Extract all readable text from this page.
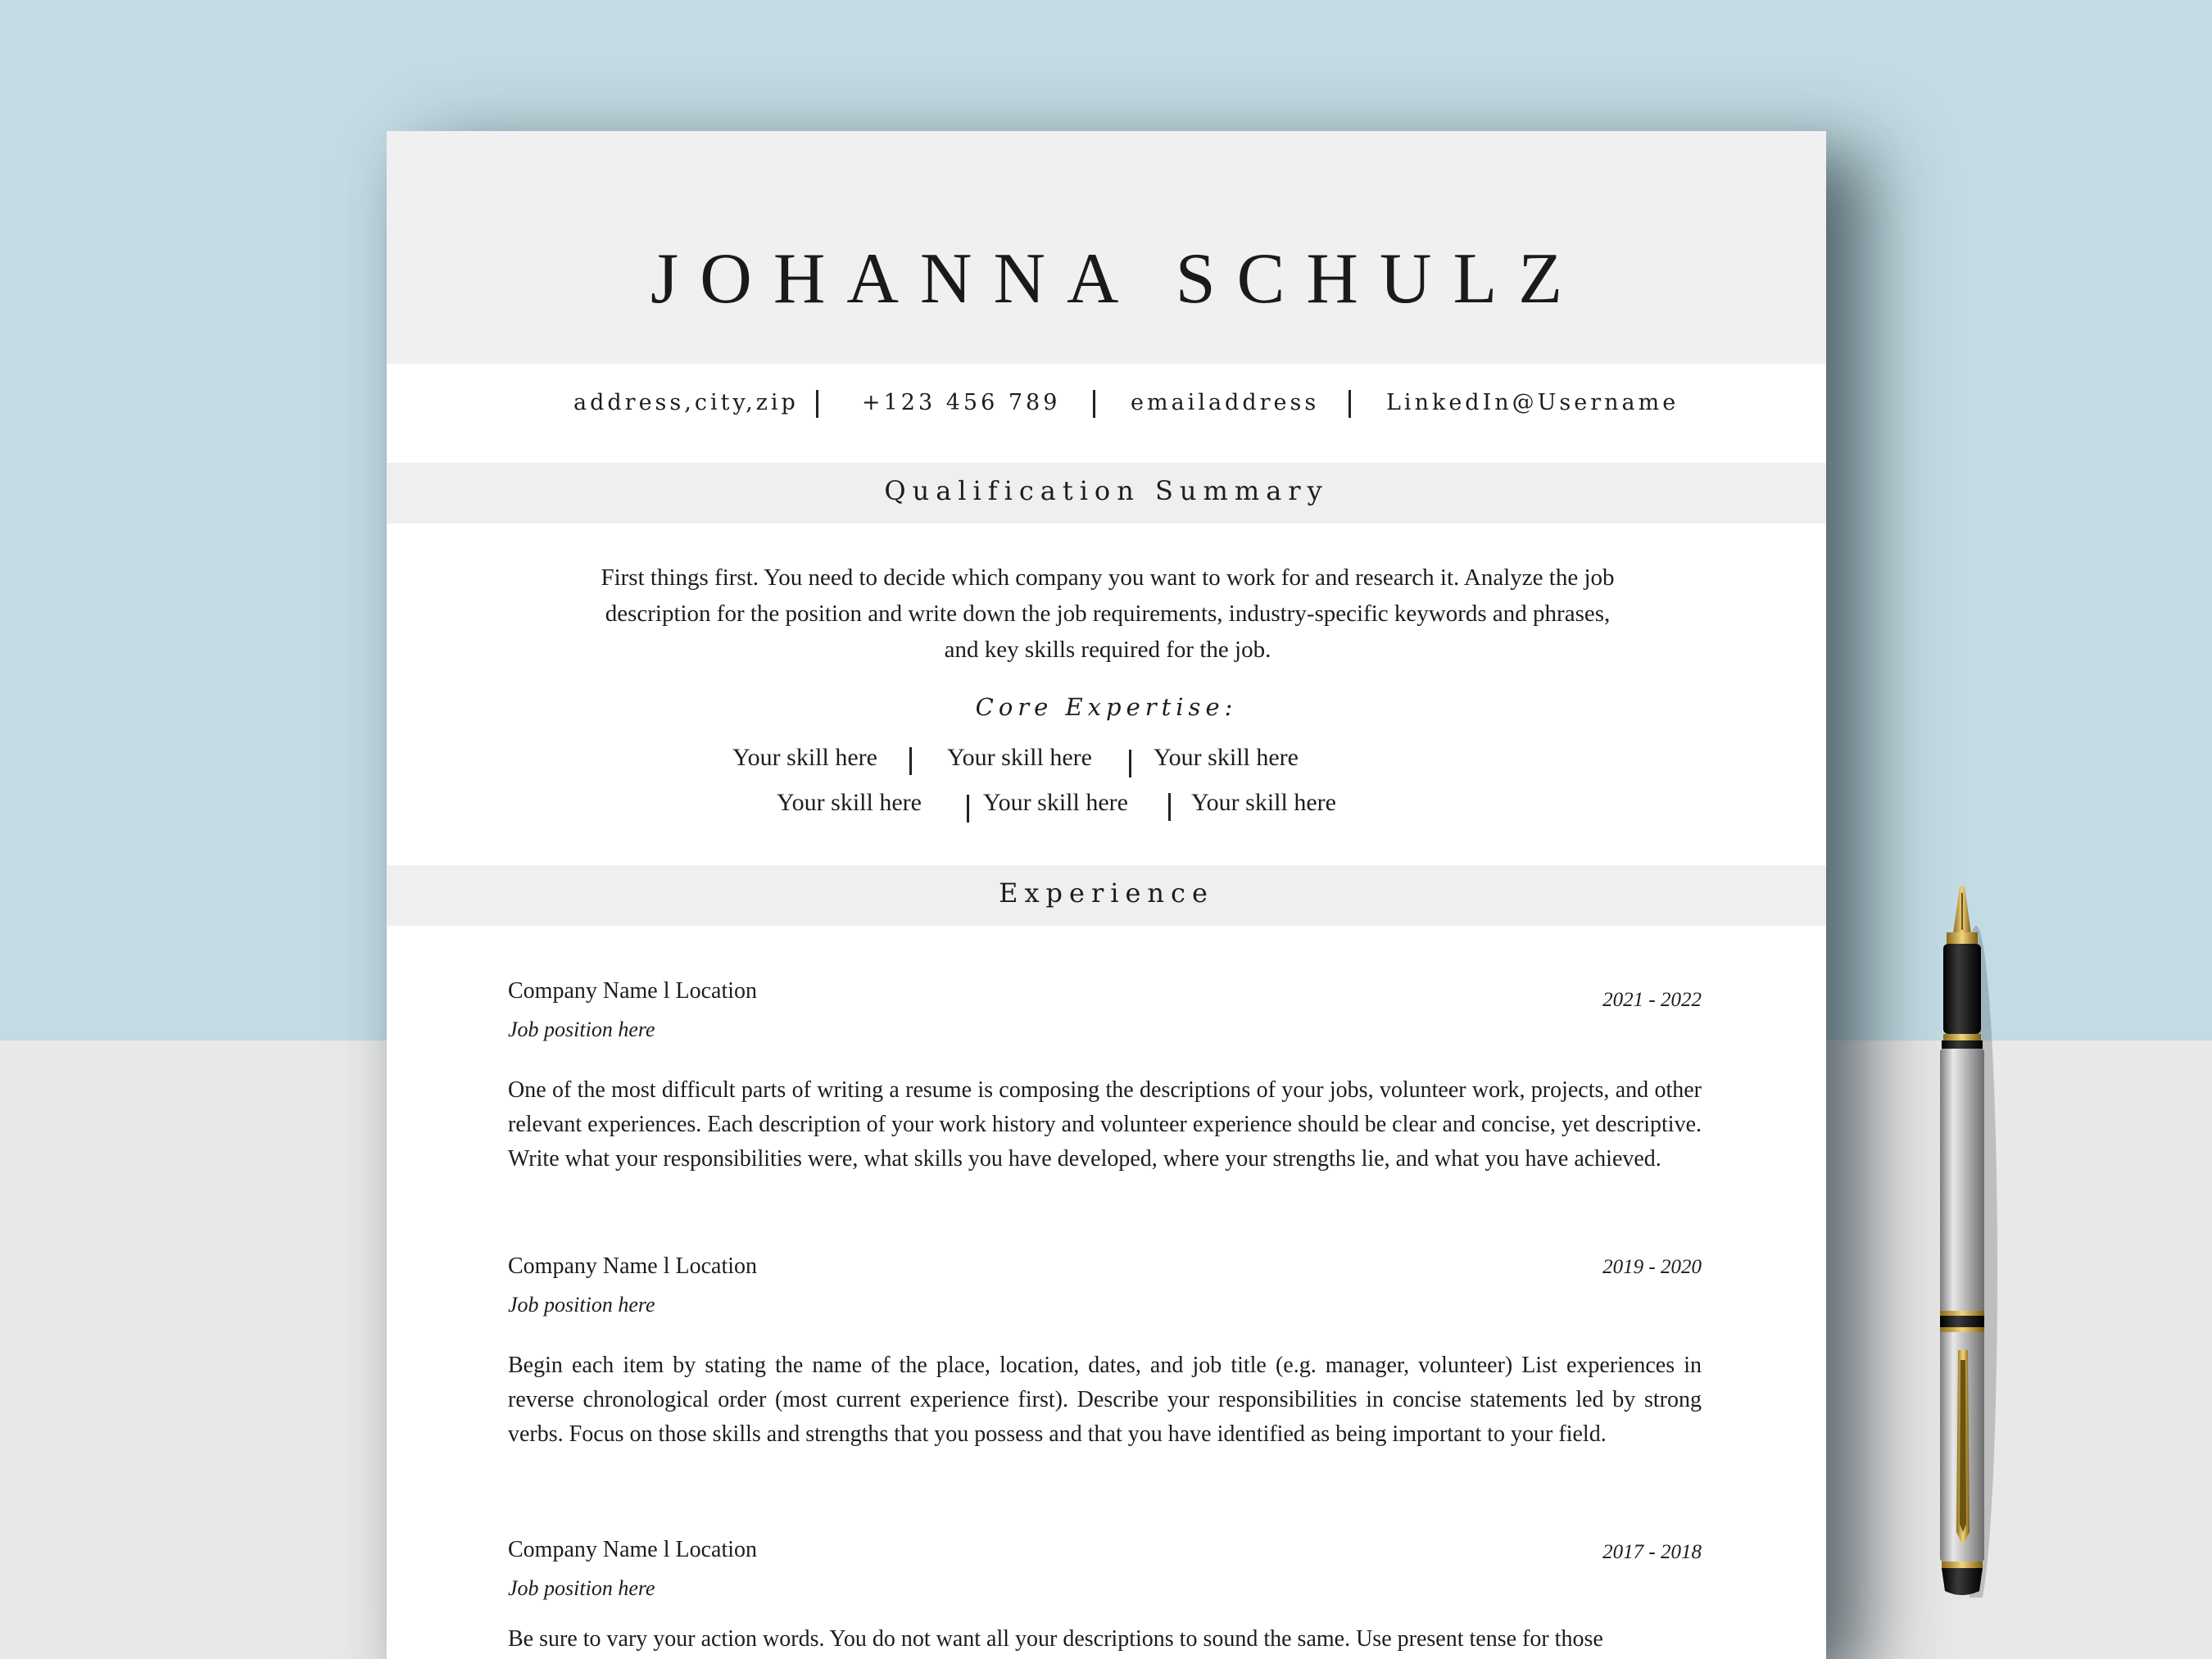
JOHANNA SCHULZ
address,city,zip	+123 456 789	emailaddress	LinkedIn@Username
Qualification Summary
First things first. You need to decide which company you want to work for and research it. Analyze the job
description for the position and write down the job requirements, industry-specific keywords and phrases,
and key skills required for the job.
Core Expertise:
Your skill here	Your skill here	Your skill here
Your skill here	Your skill here	Your skill here
Experience
Company Name l Location	2021 - 2022
Job position here
One of the most difficult parts of writing a resume is composing the descriptions of your jobs, volunteer work, projects, and other relevant experiences. Each description of your work history and volunteer experience should be clear and concise, yet descriptive. Write what your responsibilities were, what skills you have developed, where your strengths lie, and what you have achieved.
Company Name l Location	2019 - 2020
Job position here
Begin each item by stating the name of the place, location, dates, and job title (e.g. manager, volunteer) List experiences in reverse chronological order (most current experience first). Describe your responsibilities in concise statements led by strong verbs. Focus on those skills and strengths that you possess and that you have identified as being important to your field.
Company Name l Location	2017 - 2018
Job position here
Be sure to vary your action words. You do not want all your descriptions to sound the same. Use present tense for those
